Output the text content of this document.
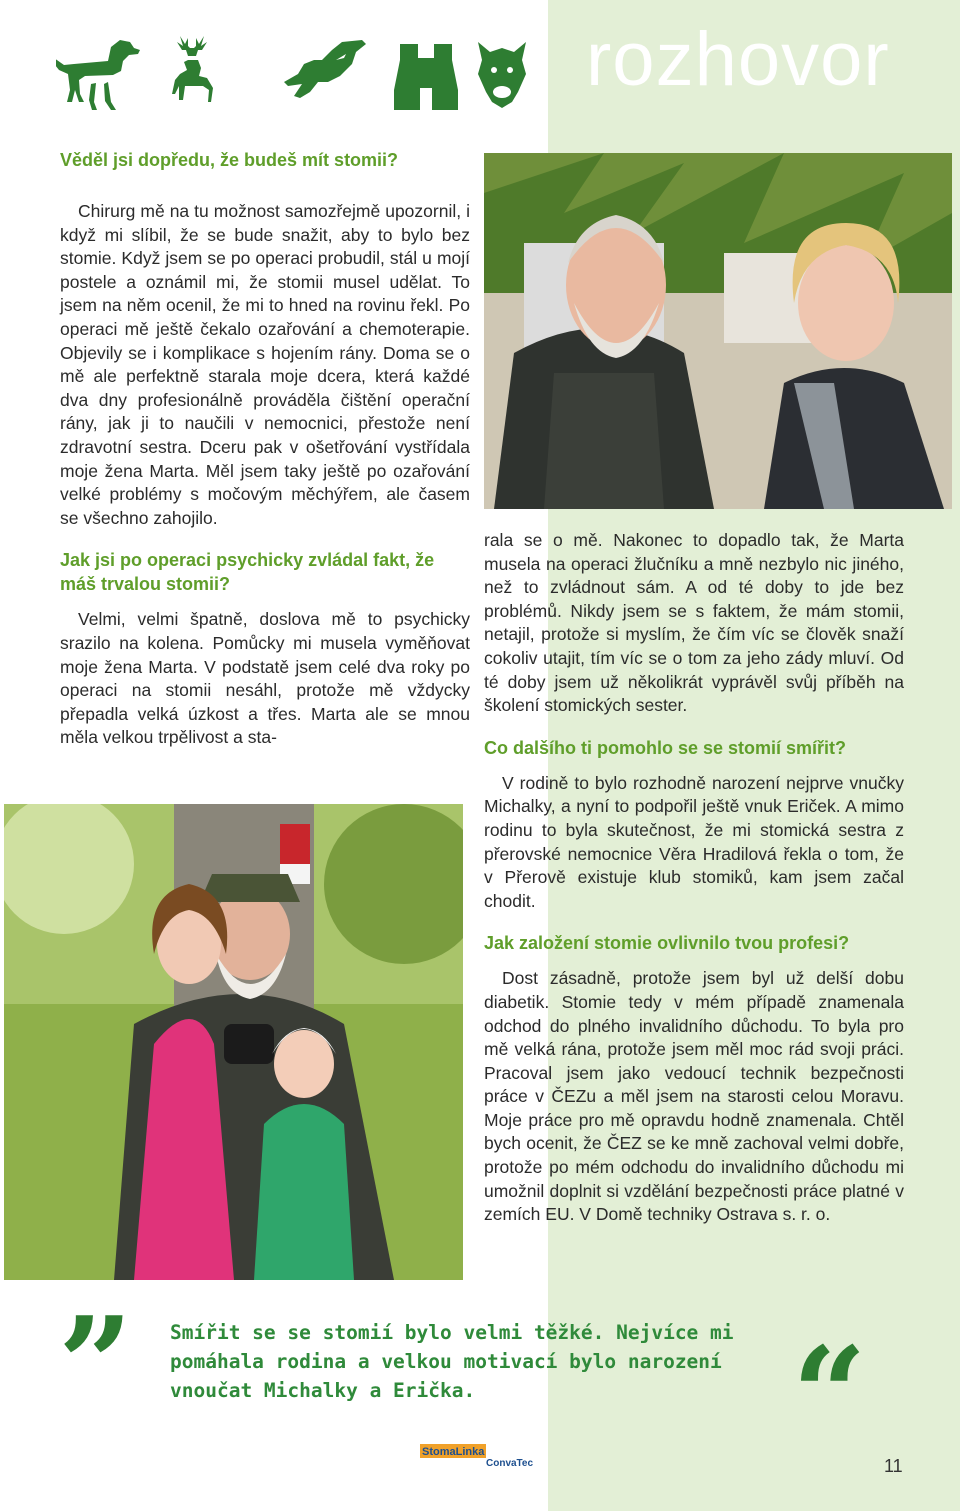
rozhovor

Věděl jsi dopředu, že budeš mít stomii?

Chirurg mě na tu možnost samozřejmě upozornil, i když mi slíbil, že se bude snažit, aby to bylo bez stomie. Když jsem se po operaci probudil, stál u mojí postele a oznámil mi, že stomii musel udělat. To jsem na něm ocenil, že mi to hned na rovinu řekl. Po operaci mě ještě čekalo ozařování a chemoterapie. Objevily se i komplikace s hojením rány. Doma se o mě ale perfektně starala moje dcera, která každé dva dny profesionálně prováděla čištění operační rány, jak ji to naučili v nemocnici, přestože není zdravotní sestra. Dceru pak v ošetřování vystřídala moje žena Marta. Měl jsem taky ještě po ozařování velké problémy s močovým měchýřem, ale časem se všechno zahojilo.

Jak jsi po operaci psychicky zvládal fakt, že máš trvalou stomii?

Velmi, velmi špatně, doslova mě to psychicky srazilo na kolena. Pomůcky mi musela vyměňovat moje žena Marta. V podstatě jsem celé dva roky po operaci na stomii nesáhl, protože mě vždycky přepadla velká úzkost a třes. Marta ale se mnou měla velkou trpělivost a sta-

rala se o mě. Nakonec to dopadlo tak, že Marta musela na operaci žlučníku a mně nezbylo nic jiného, než to zvládnout sám. A od té doby to jde bez problémů. Nikdy jsem se s faktem, že mám stomii, netajil, protože si myslím, že čím víc se člověk snaží cokoliv utajit, tím víc se o tom za jeho zády mluví. Od té doby jsem už několikrát vyprávěl svůj příběh na školení stomických sester.

Co dalšího ti pomohlo se se stomií smířit?

V rodině to bylo rozhodně narození nejprve vnučky Michalky, a nyní to podpořil ještě vnuk Eriček. A mimo rodinu to byla skutečnost, že mi stomická sestra z přerovské nemocnice Věra Hradilová řekla o tom, že v Přerově existuje klub stomiků, kam jsem začal chodit.

Jak založení stomie ovlivnilo tvou profesi?

Dost zásadně, protože jsem byl už delší dobu diabetik. Stomie tedy v mém případě znamenala odchod do plného invalidního důchodu. To byla pro mě velká rána, protože jsem měl moc rád svoji práci. Pracoval jsem jako vedoucí technik bezpečnosti práce v ČEZu a měl jsem na starosti celou Moravu. Moje práce pro mě opravdu hodně znamenala. Chtěl bych ocenit, že ČEZ se ke mně zachoval velmi dobře, protože po mém odchodu do invalidního důchodu mi umožnil doplnit si vzdělání bezpečnosti práce platné v zemích EU. V Domě techniky Ostrava s. r. o.

” Smířit se se stomií bylo velmi těžké. Nejvíce mi pomáhala rodina a velkou motivací bylo narození vnoučat Michalky a Erička.	“
StomaLinka
ConvaTec	11
